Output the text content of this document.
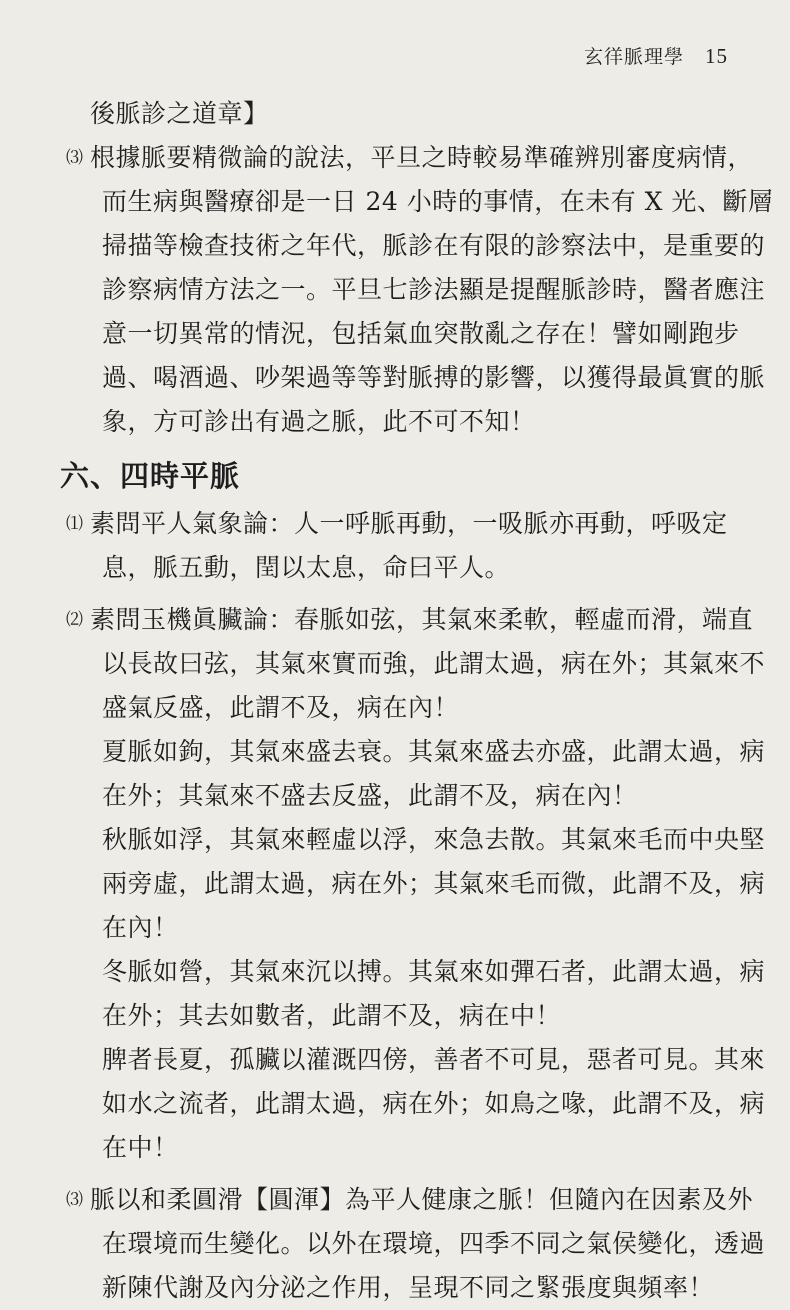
玄徉脈理學 15
後脈診之道章】
⑶ 根據脈要精微論的說法，平旦之時較易準確辨別審度病情，
而生病與醫療卻是一日 24 小時的事情，在未有 X 光、斷層
掃描等檢查技術之年代，脈診在有限的診察法中，是重要的
診察病情方法之一。平旦七診法顯是提醒脈診時，醫者應注
意一切異常的情況，包括氣血突散亂之存在！譬如剛跑步
過、喝酒過、吵架過等等對脈搏的影響，以獲得最眞實的脈
象，方可診出有過之脈，此不可不知！
六、四時平脈
⑴ 素問平人氣象論：人一呼脈再動，一吸脈亦再動，呼吸定
息，脈五動，閏以太息，命曰平人。
⑵ 素問玉機眞臟論：春脈如弦，其氣來柔軟，輕虛而滑，端直
以長故曰弦，其氣來實而強，此謂太過，病在外；其氣來不
盛氣反盛，此謂不及，病在內！
夏脈如鉤，其氣來盛去衰。其氣來盛去亦盛，此謂太過，病
在外；其氣來不盛去反盛，此謂不及，病在內！
秋脈如浮，其氣來輕虛以浮，來急去散。其氣來毛而中央堅
兩旁虛，此謂太過，病在外；其氣來毛而微，此謂不及，病
在內！
冬脈如營，其氣來沉以搏。其氣來如彈石者，此謂太過，病
在外；其去如數者，此謂不及，病在中！
脾者長夏，孤臟以灌溉四傍，善者不可見，惡者可見。其來
如水之流者，此謂太過，病在外；如鳥之喙，此謂不及，病
在中！
⑶ 脈以和柔圓滑【圓渾】為平人健康之脈！但隨內在因素及外
在環境而生變化。以外在環境，四季不同之氣侯變化，透過
新陳代謝及內分泌之作用，呈現不同之緊張度與頻率！
